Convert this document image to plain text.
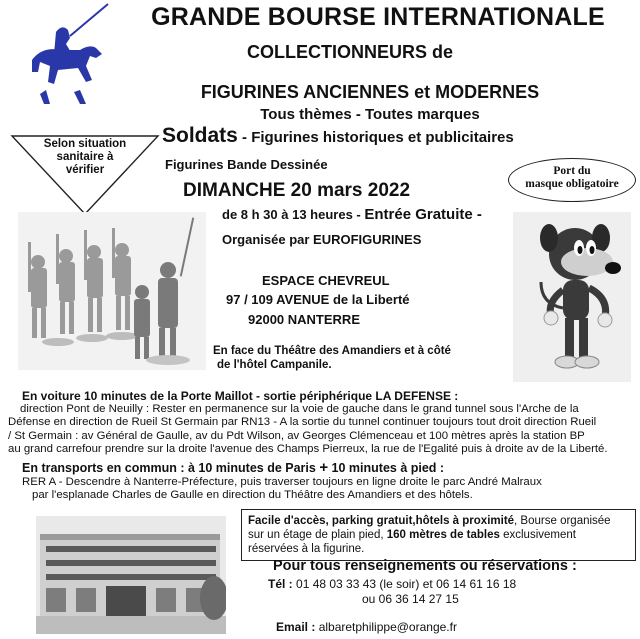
GRANDE BOURSE INTERNATIONALE
COLLECTIONNEURS de
FIGURINES ANCIENNES et MODERNES
Tous thèmes - Toutes marques
Soldats - Figurines historiques et publicitaires
Figurines Bande Dessinée
Selon situation
sanitaire à
vérifier	Port du
masque obligatoire
DIMANCHE 20 mars 2022
de 8 h 30 à 13 heures - Entrée Gratuite -
Organisée par EUROFIGURINES
ESPACE CHEVREUL
97 / 109 AVENUE de la Liberté
92000 NANTERRE
En face du Théâtre des Amandiers et à côté
de l'hôtel Campanile.
En voiture 10 minutes de la Porte Maillot - sortie périphérique LA DEFENSE :
direction Pont de Neuilly : Rester en permanence sur la voie de gauche dans le grand tunnel sous l'Arche de la
Défense en direction de Rueil St Germain par RN13 - A la sortie du tunnel continuer toujours tout droit direction Rueil
/ St Germain : av Général de Gaulle, av du Pdt Wilson, av Georges Clémenceau et 100 mètres après la station BP
au grand carrefour prendre sur la droite l'avenue des Champs Pierreux, la rue de l'Egalité puis à droite av de la Liberté.
En transports en commun : à 10 minutes de Paris + 10 minutes à pied :
RER A - Descendre à Nanterre-Préfecture, puis traverser toujours en ligne droite le parc André Malraux
par l'esplanade Charles de Gaulle en direction du Théâtre des Amandiers et des hôtels.
Facile d'accès, parking gratuit,hôtels à proximité, Bourse organisée
sur un étage de plain pied, 160 mètres de tables exclusivement
réservées à la figurine.
Pour tous renseignements ou réservations :
Tél : 01 48 03 33 43 (le soir) et 06 14 61 16 18
ou 06 36 14 27 15
Email : albaretphilippe@orange.fr
